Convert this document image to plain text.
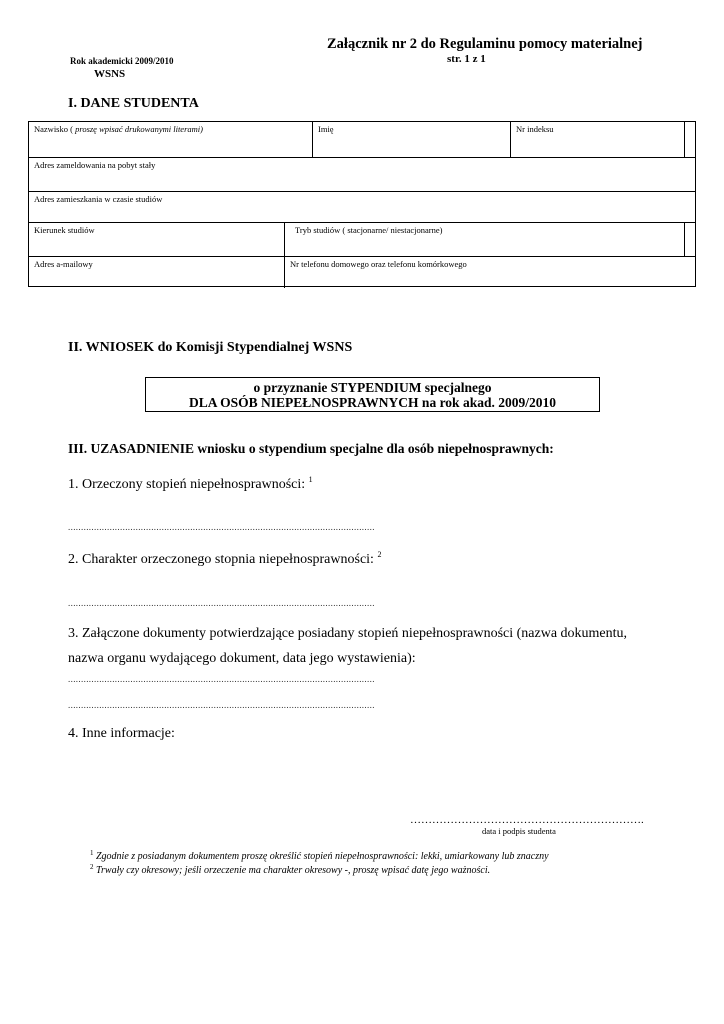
Załącznik nr 2 do Regulaminu pomocy materialnej
Rok akademicki 2009/2010	str. 1 z 1
WSNS
I. DANE STUDENTA
Nazwisko ( proszę wpisać drukowanymi literami)	Imię	Nr indeksu
Adres zameldowania na pobyt stały
Adres zamieszkania w czasie studiów
Kierunek studiów	Tryb studiów ( stacjonarne/ niestacjonarne)
Adres a-mailowy	Nr telefonu domowego oraz telefonu komórkowego
II. WNIOSEK do Komisji Stypendialnej WSNS
o przyznanie STYPENDIUM specjalnego
DLA OSÓB NIEPEŁNOSPRAWNYCH na rok akad. 2009/2010
III. UZASADNIENIE wniosku o stypendium specjalne dla osób niepełnosprawnych:
1. Orzeczony stopień niepełnosprawności: $^1$
......................................................................................................................
2. Charakter orzeczonego stopnia niepełnosprawności: $^2$
......................................................................................................................
3. Załączone dokumenty potwierdzające posiadany stopień niepełnosprawności (nazwa dokumentu,
nazwa organu wydającego dokument, data jego wystawienia):
......................................................................................................................
......................................................................................................................
4. Inne informacje:
……………………………………………………….
data i podpis studenta
$^1$ Zgodnie z posiadanym dokumentem proszę określić stopień niepełnosprawności: lekki, umiarkowany lub znaczny
$^2$ Trwały czy okresowy; jeśli orzeczenie ma charakter okresowy -, proszę wpisać datę jego ważności.
